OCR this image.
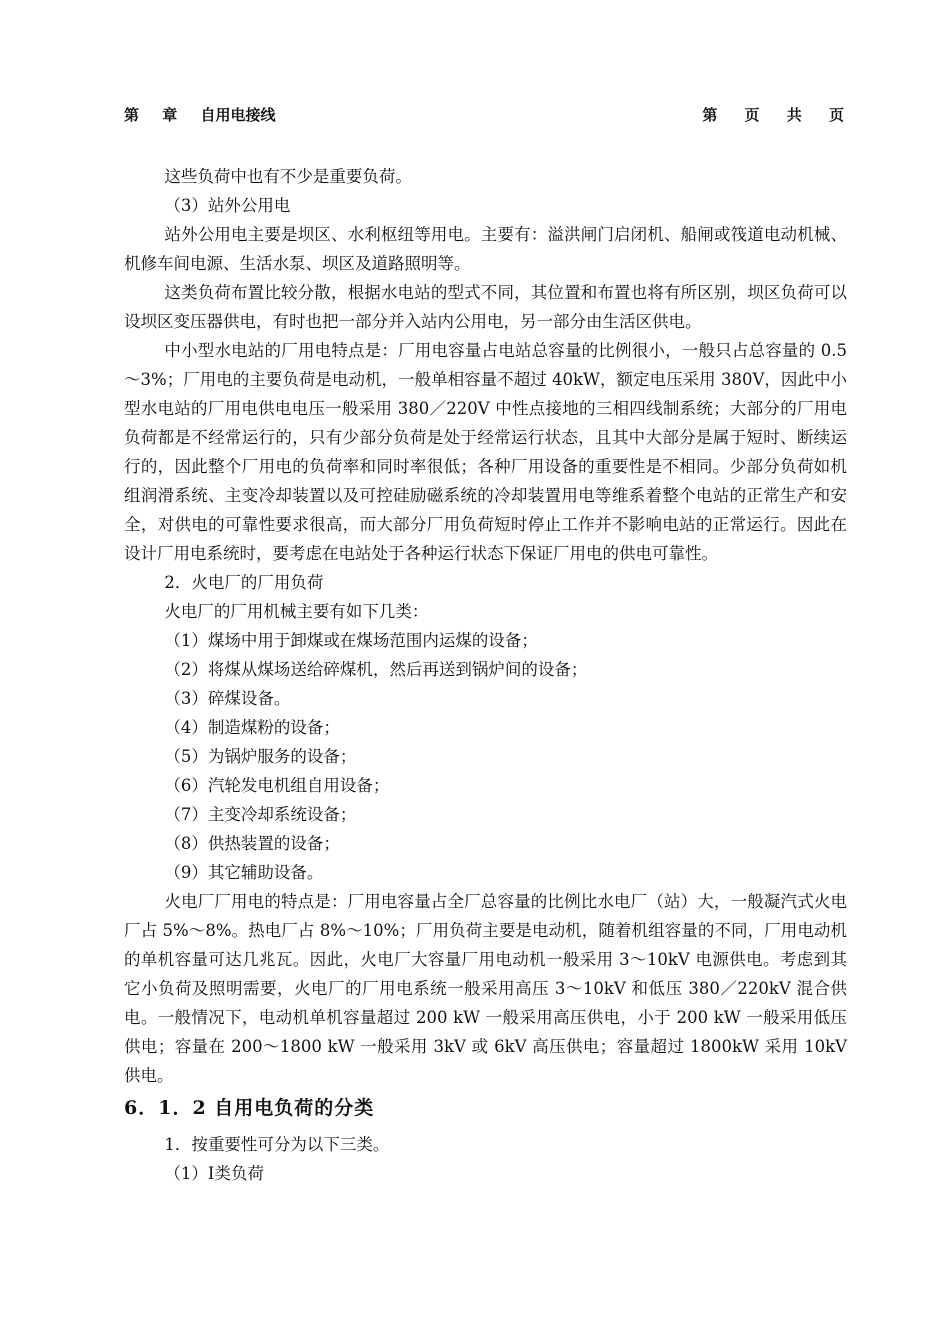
第 章 自用电接线	第 页 共 页

这些负荷中也有不少是重要负荷。

（3）站外公用电

站外公用电主要是坝区、水利枢纽等用电。主要有：溢洪闸门启闭机、船闸或筏道电动机械、机修车间电源、生活水泵、坝区及道路照明等。

这类负荷布置比较分散，根据水电站的型式不同，其位置和布置也将有所区别，坝区负荷可以设坝区变压器供电，有时也把一部分并入站内公用电，另一部分由生活区供电。

中小型水电站的厂用电特点是：厂用电容量占电站总容量的比例很小，一般只占总容量的 0.5～3%；厂用电的主要负荷是电动机，一般单相容量不超过 40kW，额定电压采用 380V，因此中小型水电站的厂用电供电电压一般采用 380／220V 中性点接地的三相四线制系统；大部分的厂用电负荷都是不经常运行的，只有少部分负荷是处于经常运行状态，且其中大部分是属于短时、断续运行的，因此整个厂用电的负荷率和同时率很低；各种厂用设备的重要性是不相同。少部分负荷如机组润滑系统、主变冷却装置以及可控硅励磁系统的冷却装置用电等维系着整个电站的正常生产和安全，对供电的可靠性要求很高，而大部分厂用负荷短时停止工作并不影响电站的正常运行。因此在设计厂用电系统时，要考虑在电站处于各种运行状态下保证厂用电的供电可靠性。

2．火电厂的厂用负荷

火电厂的厂用机械主要有如下几类：

（1）煤场中用于卸煤或在煤场范围内运煤的设备；

（2）将煤从煤场送给碎煤机，然后再送到锅炉间的设备；

（3）碎煤设备。

（4）制造煤粉的设备；

（5）为锅炉服务的设备；

（6）汽轮发电机组自用设备；

（7）主变冷却系统设备；

（8）供热装置的设备；

（9）其它辅助设备。

火电厂厂用电的特点是：厂用电容量占全厂总容量的比例比水电厂（站）大，一般凝汽式火电厂占 5%～8%。热电厂占 8%～10%；厂用负荷主要是电动机，随着机组容量的不同，厂用电动机的单机容量可达几兆瓦。因此，火电厂大容量厂用电动机一般采用 3～10kV 电源供电。考虑到其它小负荷及照明需要，火电厂的厂用电系统一般采用高压 3～10kV 和低压 380／220kV 混合供电。一般情况下，电动机单机容量超过 200 kW 一般采用高压供电，小于 200 kW 一般采用低压供电；容量在 200～1800 kW 一般采用 3kV 或 6kV 高压供电；容量超过 1800kW 采用 10kV 供电。

6．1．2 自用电负荷的分类

1．按重要性可分为以下三类。

（1）Ⅰ类负荷
